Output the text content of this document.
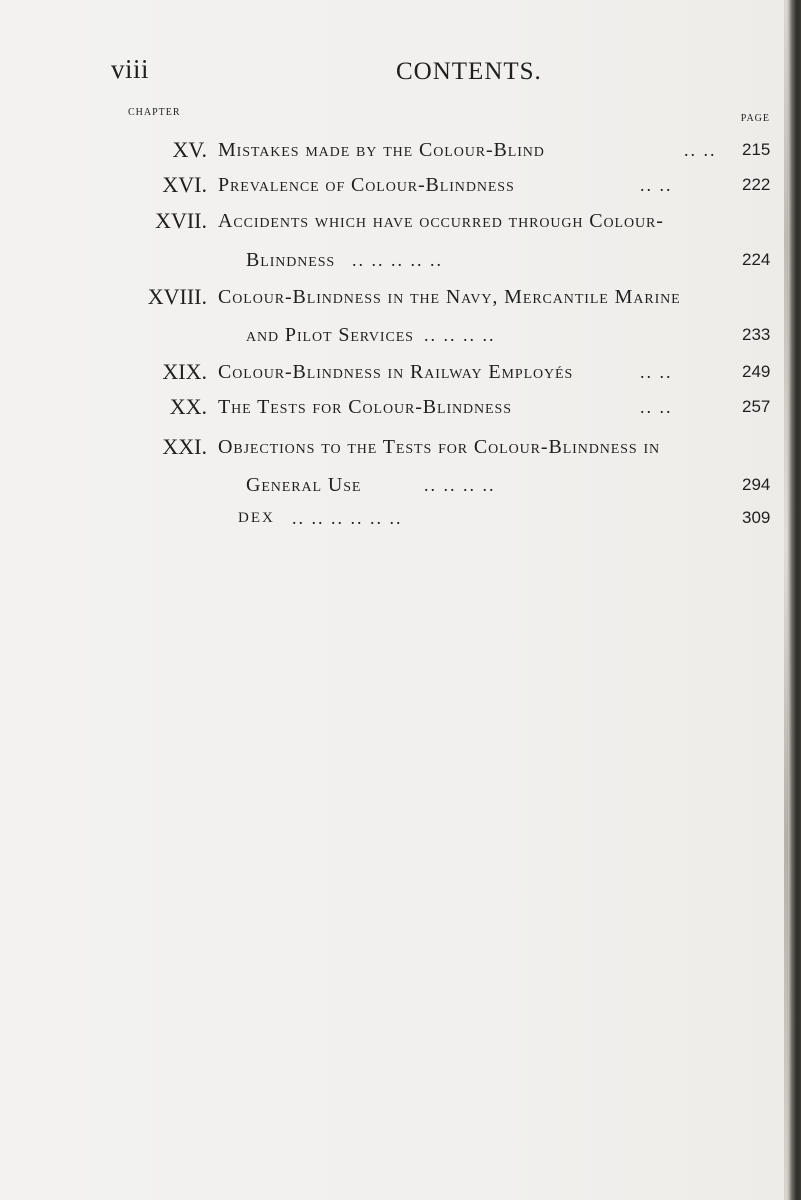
viii	CONTENTS.
CHAPTER
PAGE
XV. Mistakes made by the Colour-Blind	.. .. 215
XVI. Prevalence of Colour-Blindness	.. ..	222
XVII. Accidents which have occurred through Colour-
Blindness .. .. .. .. ..	224
XVIII. Colour-Blindness in the Navy, Mercantile Marine
and Pilot Services .. .. .. ..	233
XIX. Colour-Blindness in Railway Employés	.. ..	249
XX. The Tests for Colour-Blindness	.. ..	257
XXI. Objections to the Tests for Colour-Blindness in
General Use	.. .. .. ..	294
DEX .. .. .. .. .. ..	309
